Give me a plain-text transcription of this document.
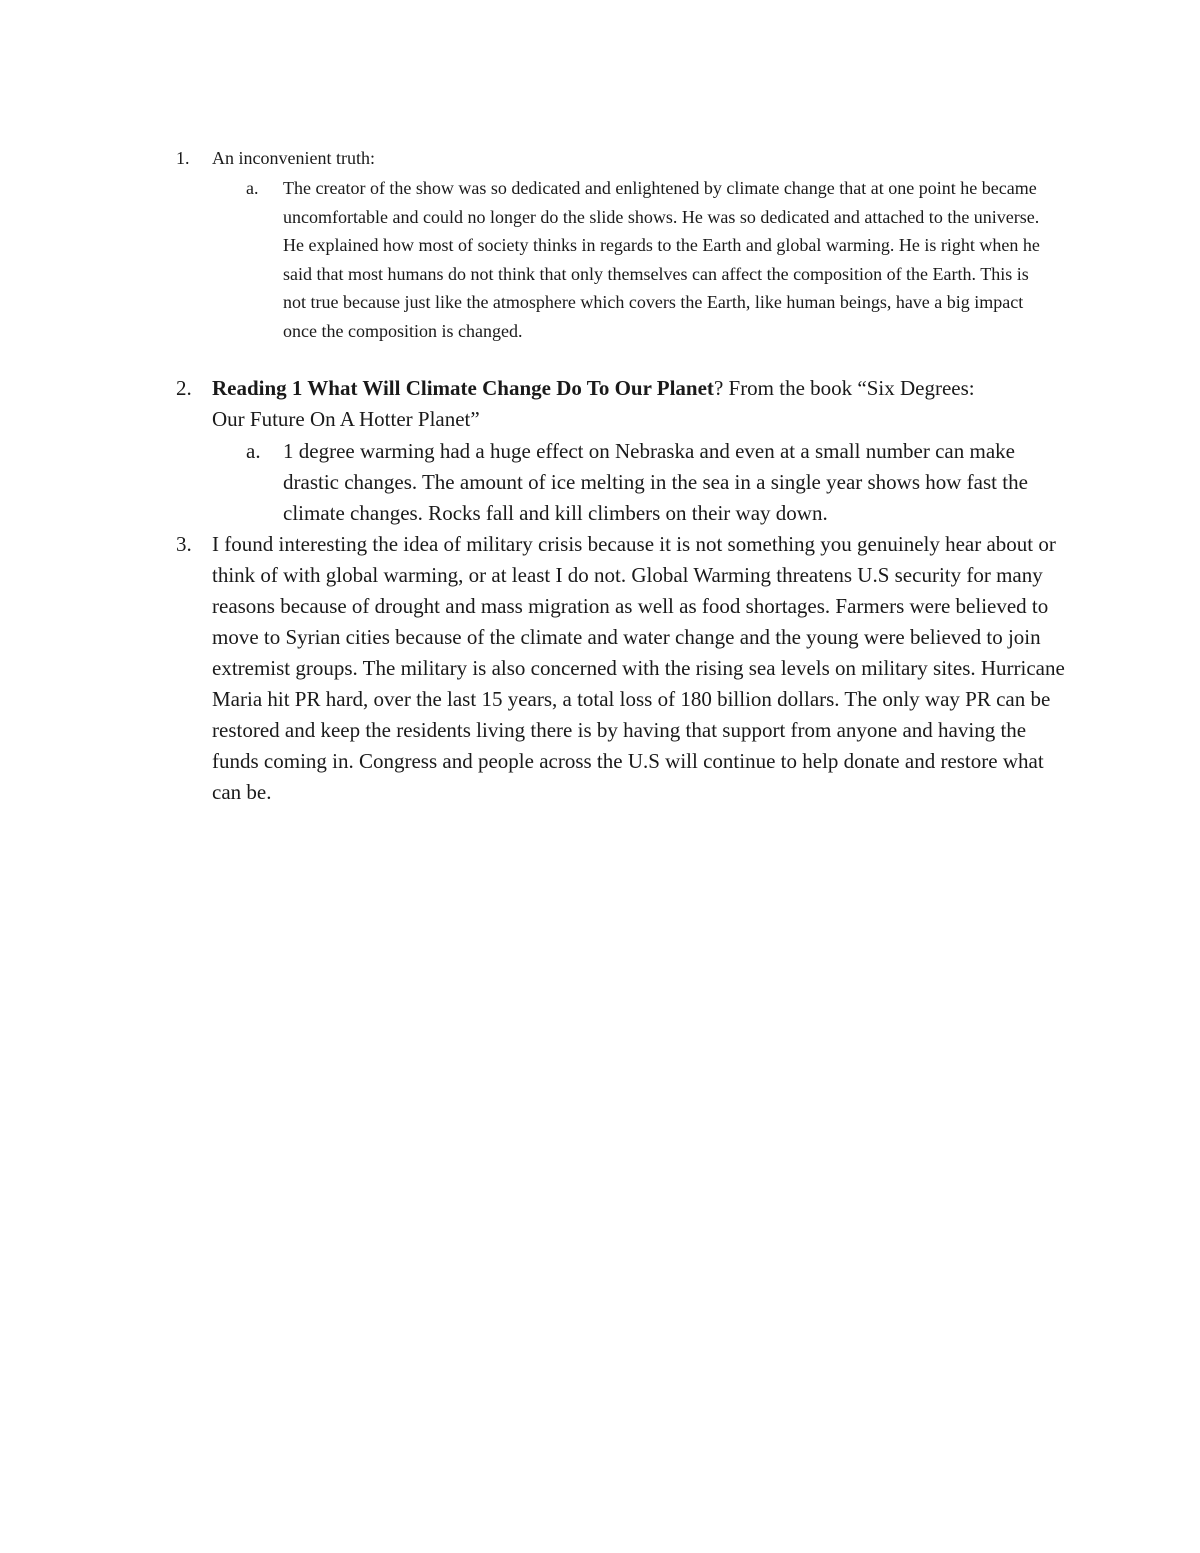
1. An inconvenient truth:
a. The creator of the show was so dedicated and enlightened by climate change that at one point he became uncomfortable and could no longer do the slide shows. He was so dedicated and attached to the universe. He explained how most of society thinks in regards to the Earth and global warming. He is right when he said that most humans do not think that only themselves can affect the composition of the Earth. This is not true because just like the atmosphere which covers the Earth, like human beings, have a big impact once the composition is changed.
2. Reading 1 What Will Climate Change Do To Our Planet? From the book “Six Degrees: Our Future On A Hotter Planet”
a. 1 degree warming had a huge effect on Nebraska and even at a small number can make drastic changes. The amount of ice melting in the sea in a single year shows how fast the climate changes. Rocks fall and kill climbers on their way down.
3. I found interesting the idea of military crisis because it is not something you genuinely hear about or think of with global warming, or at least I do not. Global Warming threatens U.S security for many reasons because of drought and mass migration as well as food shortages. Farmers were believed to move to Syrian cities because of the climate and water change and the young were believed to join extremist groups. The military is also concerned with the rising sea levels on military sites. Hurricane Maria hit PR hard, over the last 15 years, a total loss of 180 billion dollars. The only way PR can be restored and keep the residents living there is by having that support from anyone and having the funds coming in. Congress and people across the U.S will continue to help donate and restore what can be.
